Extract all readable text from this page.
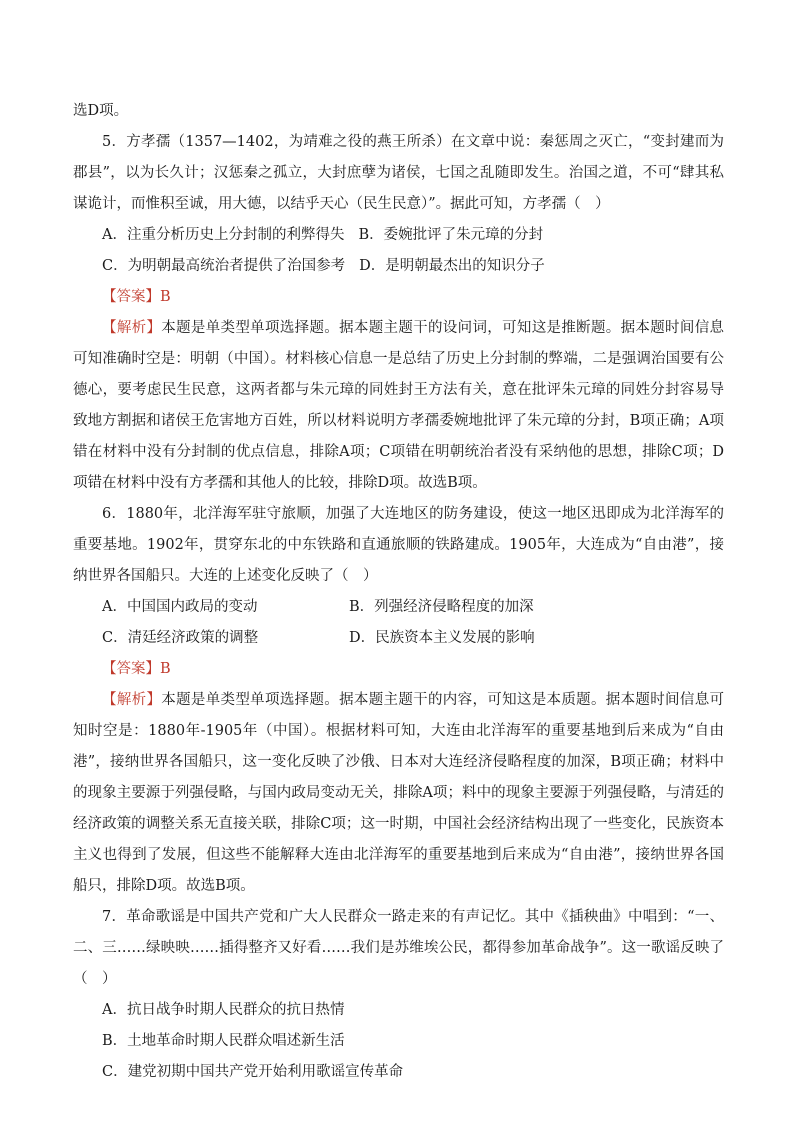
选D项。

5．方孝孺（1357—1402，为靖难之役的燕王所杀）在文章中说：秦惩周之灭亡，“变封建而为郡县”，以为长久计；汉惩秦之孤立，大封庶孽为诸侯，七国之乱随即发生。治国之道，不可“肆其私谋诡计，而惟积至诚，用大德，以结乎天心（民生民意）”。据此可知，方孝孺（　）

A．注重分析历史上分封制的利弊得失 B．委婉批评了朱元璋的分封
C．为明朝最高统治者提供了治国参考 D．是明朝最杰出的知识分子

【答案】B

【解析】本题是单类型单项选择题。据本题主题干的设问词，可知这是推断题。据本题时间信息可知准确时空是：明朝（中国）。材料核心信息一是总结了历史上分封制的弊端，二是强调治国要有公德心，要考虑民生民意，这两者都与朱元璋的同姓封王方法有关，意在批评朱元璋的同姓分封容易导致地方割据和诸侯王危害地方百姓，所以材料说明方孝孺委婉地批评了朱元璋的分封，B项正确；A项错在材料中没有分封制的优点信息，排除A项；C项错在明朝统治者没有采纳他的思想，排除C项；D项错在材料中没有方孝孺和其他人的比较，排除D项。故选B项。

6．1880年，北洋海军驻守旅顺，加强了大连地区的防务建设，使这一地区迅即成为北洋海军的重要基地。1902年，贯穿东北的中东铁路和直通旅顺的铁路建成。1905年，大连成为“自由港”，接纳世界各国船只。大连的上述变化反映了（　）

A．中国国内政局的变动	B．列强经济侵略程度的加深
C．清廷经济政策的调整	D．民族资本主义发展的影响

【答案】B

【解析】本题是单类型单项选择题。据本题主题干的内容，可知这是本质题。据本题时间信息可知时空是：1880年-1905年（中国）。根据材料可知，大连由北洋海军的重要基地到后来成为“自由港”，接纳世界各国船只，这一变化反映了沙俄、日本对大连经济侵略程度的加深，B项正确；材料中的现象主要源于列强侵略，与国内政局变动无关，排除A项；料中的现象主要源于列强侵略，与清廷的经济政策的调整关系无直接关联，排除C项；这一时期，中国社会经济结构出现了一些变化，民族资本主义也得到了发展，但这些不能解释大连由北洋海军的重要基地到后来成为“自由港”，接纳世界各国船只，排除D项。故选B项。

7．革命歌谣是中国共产党和广大人民群众一路走来的有声记忆。其中《插秧曲》中唱到：“一、二、三……绿映映……插得整齐又好看……我们是苏维埃公民，都得参加革命战争”。这一歌谣反映了（　）

A．抗日战争时期人民群众的抗日热情
B．土地革命时期人民群众唱述新生活
C．建党初期中国共产党开始利用歌谣宣传革命
